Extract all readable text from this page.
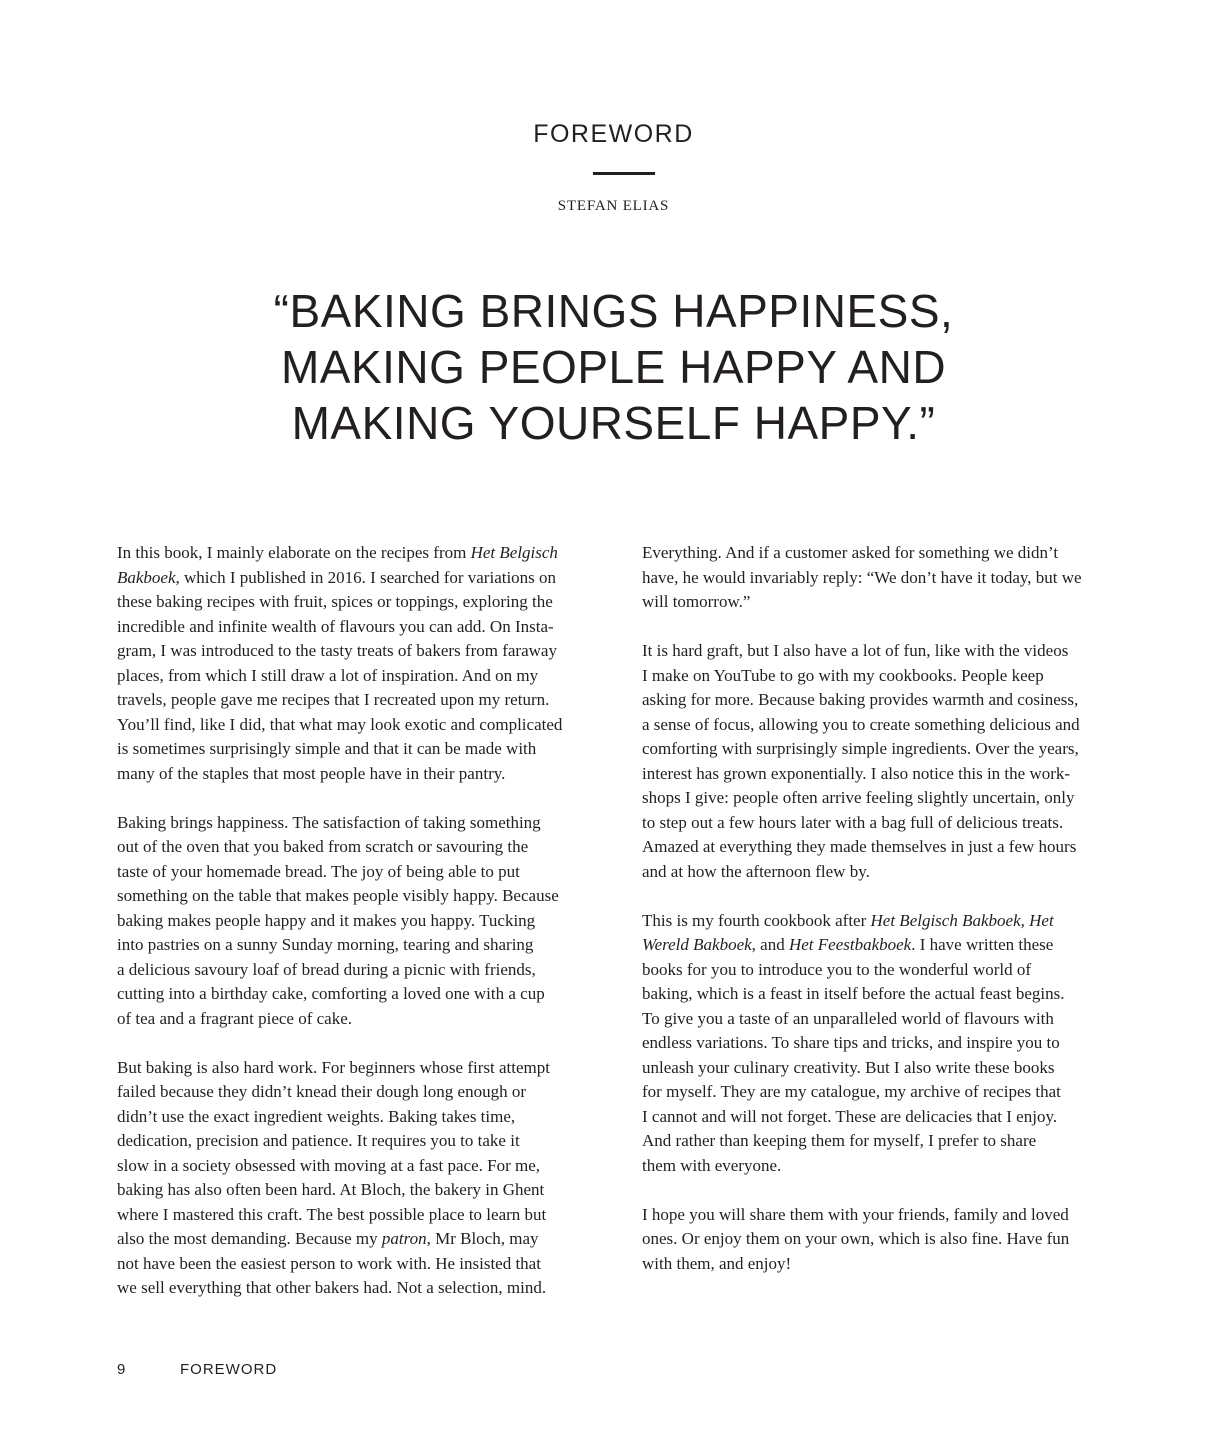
FOREWORD
STEFAN ELIAS
“BAKING BRINGS HAPPINESS,
MAKING PEOPLE HAPPY AND
MAKING YOURSELF HAPPY.”
In this book, I mainly elaborate on the recipes from Het Belgisch
Bakboek, which I published in 2016. I searched for variations on
these baking recipes with fruit, spices or toppings, exploring the
incredible and infinite wealth of flavours you can add. On Insta-
gram, I was introduced to the tasty treats of bakers from faraway
places, from which I still draw a lot of inspiration. And on my
travels, people gave me recipes that I recreated upon my return.
You’ll find, like I did, that what may look exotic and complicated
is sometimes surprisingly simple and that it can be made with
many of the staples that most people have in their pantry.
Baking brings happiness. The satisfaction of taking something
out of the oven that you baked from scratch or savouring the
taste of your homemade bread. The joy of being able to put
something on the table that makes people visibly happy. Because
baking makes people happy and it makes you happy. Tucking
into pastries on a sunny Sunday morning, tearing and sharing
a delicious savoury loaf of bread during a picnic with friends,
cutting into a birthday cake, comforting a loved one with a cup
of tea and a fragrant piece of cake.
But baking is also hard work. For beginners whose first attempt
failed because they didn’t knead their dough long enough or
didn’t use the exact ingredient weights. Baking takes time,
dedication, precision and patience. It requires you to take it
slow in a society obsessed with moving at a fast pace. For me,
baking has also often been hard. At Bloch, the bakery in Ghent
where I mastered this craft. The best possible place to learn but
also the most demanding. Because my patron, Mr Bloch, may
not have been the easiest person to work with. He insisted that
we sell everything that other bakers had. Not a selection, mind.
Everything. And if a customer asked for something we didn’t
have, he would invariably reply: “We don’t have it today, but we
will tomorrow.”
It is hard graft, but I also have a lot of fun, like with the videos
I make on YouTube to go with my cookbooks. People keep
asking for more. Because baking provides warmth and cosiness,
a sense of focus, allowing you to create something delicious and
comforting with surprisingly simple ingredients. Over the years,
interest has grown exponentially. I also notice this in the work-
shops I give: people often arrive feeling slightly uncertain, only
to step out a few hours later with a bag full of delicious treats.
Amazed at everything they made themselves in just a few hours
and at how the afternoon flew by.
This is my fourth cookbook after Het Belgisch Bakboek, Het
Wereld Bakboek, and Het Feestbakboek. I have written these
books for you to introduce you to the wonderful world of
baking, which is a feast in itself before the actual feast begins.
To give you a taste of an unparalleled world of flavours with
endless variations. To share tips and tricks, and inspire you to
unleash your culinary creativity. But I also write these books
for myself. They are my catalogue, my archive of recipes that
I cannot and will not forget. These are delicacies that I enjoy.
And rather than keeping them for myself, I prefer to share
them with everyone.
I hope you will share them with your friends, family and loved
ones. Or enjoy them on your own, which is also fine. Have fun
with them, and enjoy!
9	FOREWORD
